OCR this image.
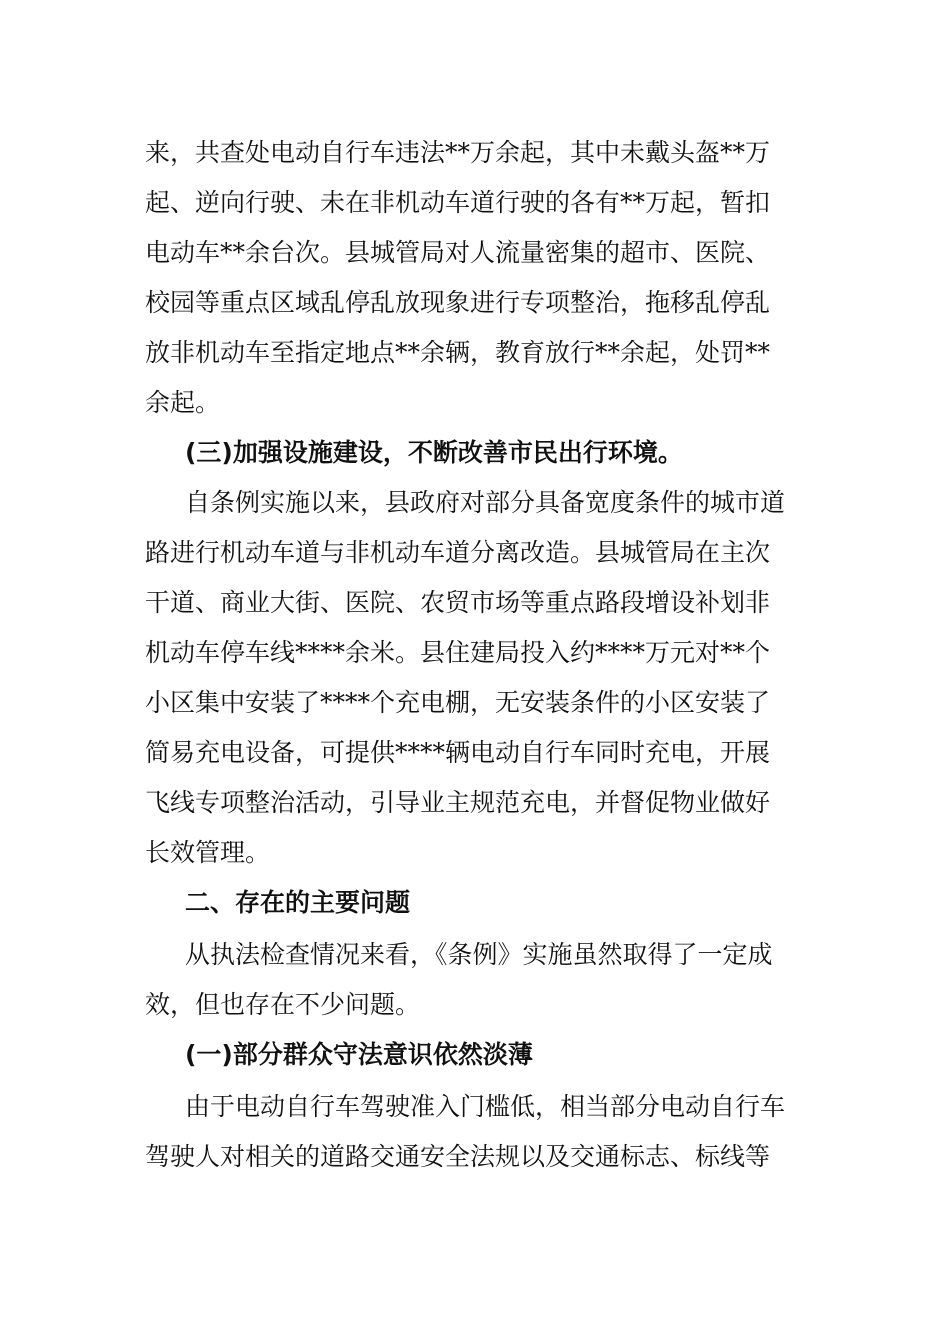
来，共查处电动自行车违法**万余起，其中未戴头盔**万
起、逆向行驶、未在非机动车道行驶的各有**万起，暂扣
电动车**余台次。县城管局对人流量密集的超市、医院、
校园等重点区域乱停乱放现象进行专项整治，拖移乱停乱
放非机动车至指定地点**余辆，教育放行**余起，处罚**
余起。
(三)加强设施建设，不断改善市民出行环境。
自条例实施以来，县政府对部分具备宽度条件的城市道
路进行机动车道与非机动车道分离改造。县城管局在主次
干道、商业大街、医院、农贸市场等重点路段增设补划非
机动车停车线****余米。县住建局投入约****万元对**个
小区集中安装了****个充电棚，无安装条件的小区安装了
简易充电设备，可提供****辆电动自行车同时充电，开展
飞线专项整治活动，引导业主规范充电，并督促物业做好
长效管理。
二、存在的主要问题
从执法检查情况来看，《条例》实施虽然取得了一定成
效，但也存在不少问题。
(一)部分群众守法意识依然淡薄
由于电动自行车驾驶准入门槛低，相当部分电动自行车
驾驶人对相关的道路交通安全法规以及交通标志、标线等
